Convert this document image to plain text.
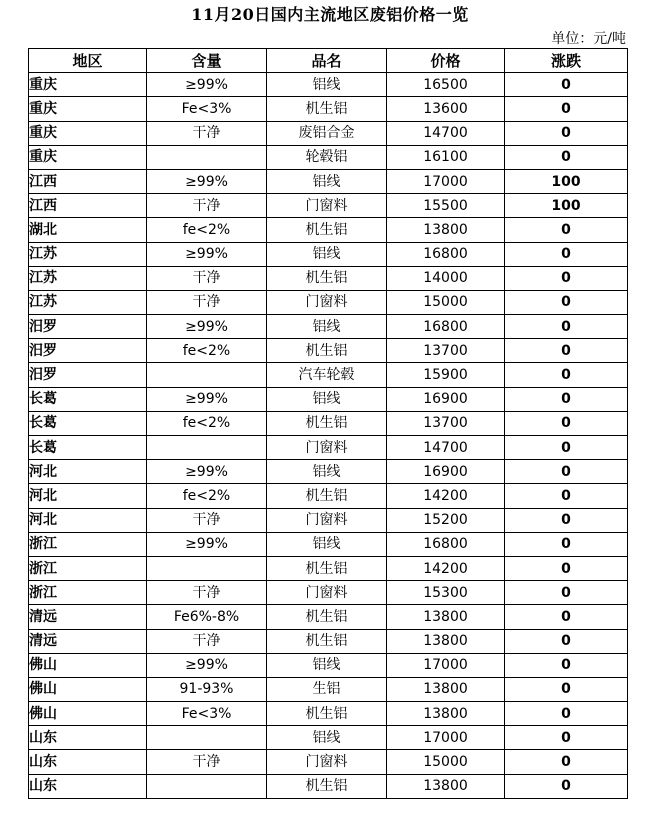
11月20日国内主流地区废铝价格一览
单位：元/吨
地区	含量	品名	价格	涨跌
重庆	≥99%	铝线	16500	0
重庆	Fe<3%	机生铝	13600	0
重庆	干净	废铝合金	14700	0
重庆		轮毂铝	16100	0
江西	≥99%	铝线	17000	100
江西	干净	门窗料	15500	100
湖北	fe<2%	机生铝	13800	0
江苏	≥99%	铝线	16800	0
江苏	干净	机生铝	14000	0
江苏	干净	门窗料	15000	0
汨罗	≥99%	铝线	16800	0
汨罗	fe<2%	机生铝	13700	0
汨罗		汽车轮毂	15900	0
长葛	≥99%	铝线	16900	0
长葛	fe<2%	机生铝	13700	0
长葛		门窗料	14700	0
河北	≥99%	铝线	16900	0
河北	fe<2%	机生铝	14200	0
河北	干净	门窗料	15200	0
浙江	≥99%	铝线	16800	0
浙江		机生铝	14200	0
浙江	干净	门窗料	15300	0
清远	Fe6%-8%	机生铝	13800	0
清远	干净	机生铝	13800	0
佛山	≥99%	铝线	17000	0
佛山	91-93%	生铝	13800	0
佛山	Fe<3%	机生铝	13800	0
山东		铝线	17000	0
山东	干净	门窗料	15000	0
山东		机生铝	13800	0
